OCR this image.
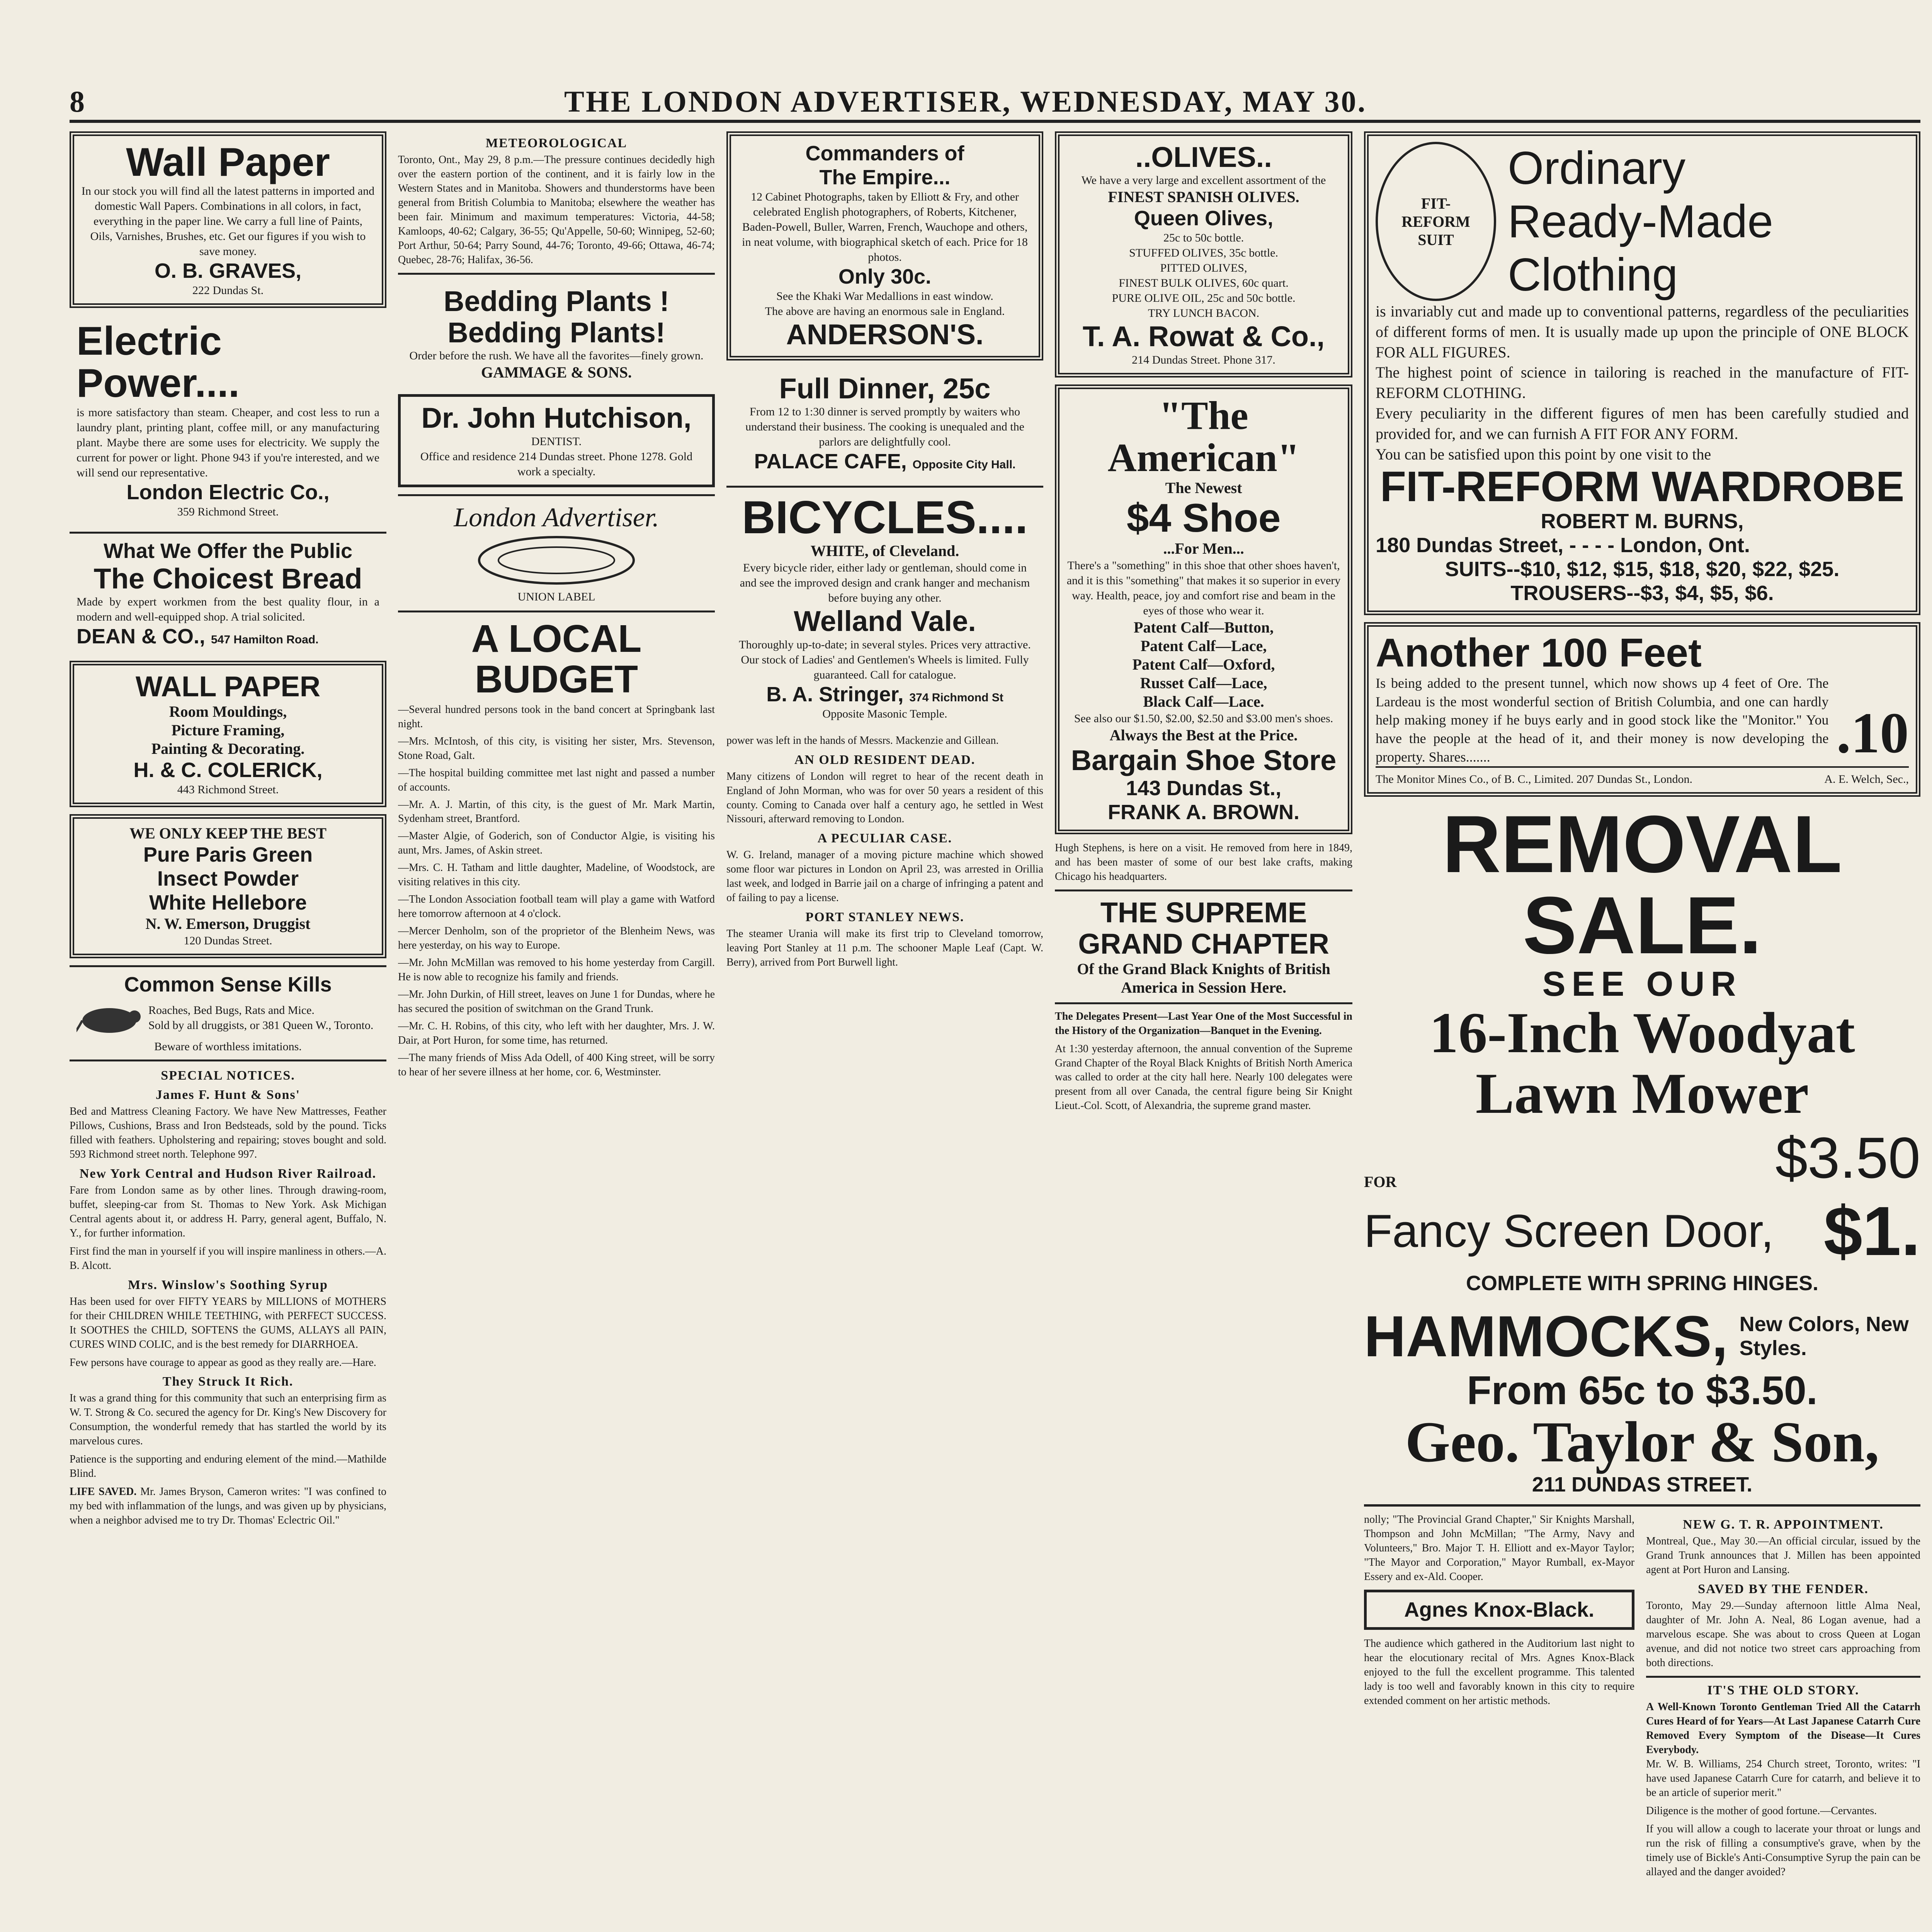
8	THE LONDON ADVERTISER, WEDNESDAY, MAY 30.
Wall Paper
In our stock you will find all the latest patterns in imported and domestic Wall Papers. Combinations in all colors, in fact, everything in the paper line. We carry a full line of Paints, Oils, Varnishes, Brushes, etc. Get our figures if you wish to save money.
O. B. GRAVES,
222 Dundas St.
Electric Power....
is more satisfactory than steam. Cheaper, and cost less to run a laundry plant, printing plant, coffee mill, or any manufacturing plant. Maybe there are some uses for electricity. We supply the current for power or light. Phone 943 if you're interested, and we will send our representative.
London Electric Co.,
359 Richmond Street.
What We Offer the Public
The Choicest Bread
Made by expert workmen from the best quality flour, in a modern and well-equipped shop. A trial solicited.
DEAN & CO., 547 Hamilton Road.
WALL PAPER
Room Mouldings,
Picture Framing,
Painting & Decorating.
H. & C. COLERICK,
443 Richmond Street.
WE ONLY KEEP THE BEST
Pure Paris Green
Insect Powder
White Hellebore
N. W. Emerson, Druggist
120 Dundas Street.
Common Sense Kills
Roaches, Bed Bugs, Rats and Mice.
Sold by all druggists, or 381 Queen W., Toronto.
Beware of worthless imitations.
SPECIAL NOTICES.
James F. Hunt & Sons'

Bed and Mattress Cleaning Factory. We have New Mattresses, Feather Pillows, Cushions, Brass and Iron Bedsteads, sold by the pound. Ticks filled with feathers. Upholstering and repairing; stoves bought and sold. 593 Richmond street north. Telephone 997.

New York Central and Hudson River Railroad.

Fare from London same as by other lines. Through drawing-room, buffet, sleeping-car from St. Thomas to New York. Ask Michigan Central agents about it, or address H. Parry, general agent, Buffalo, N. Y., for further information.

First find the man in yourself if you will inspire manliness in others.—A. B. Alcott.

Mrs. Winslow's Soothing Syrup

Has been used for over FIFTY YEARS by MILLIONS of MOTHERS for their CHILDREN WHILE TEETHING, with PERFECT SUCCESS. It SOOTHES the CHILD, SOFTENS the GUMS, ALLAYS all PAIN, CURES WIND COLIC, and is the best remedy for DIARRHOEA.

Few persons have courage to appear as good as they really are.—Hare.

They Struck It Rich.

It was a grand thing for this community that such an enterprising firm as W. T. Strong & Co. secured the agency for Dr. King's New Discovery for Consumption, the wonderful remedy that has startled the world by its marvelous cures.

Patience is the supporting and enduring element of the mind.—Mathilde Blind.

LIFE SAVED. Mr. James Bryson, Cameron writes: "I was confined to my bed with inflammation of the lungs, and was given up by physicians, when a neighbor advised me to try Dr. Thomas' Eclectric Oil."

METEOROLOGICAL

Toronto, Ont., May 29, 8 p.m.—The pressure continues decidedly high over the eastern portion of the continent, and it is fairly low in the Western States and in Manitoba. Showers and thunderstorms have been general from British Columbia to Manitoba; elsewhere the weather has been fair. Minimum and maximum temperatures: Victoria, 44-58; Kamloops, 40-62; Calgary, 36-55; Qu'Appelle, 50-60; Winnipeg, 52-60; Port Arthur, 50-64; Parry Sound, 44-76; Toronto, 49-66; Ottawa, 46-74; Quebec, 28-76; Halifax, 36-56.

Bedding Plants !
Bedding Plants!
Order before the rush. We have all the favorites—finely grown.
GAMMAGE & SONS.
Dr. John Hutchison,
DENTIST.
Office and residence 214 Dundas street. Phone 1278. Gold work a specialty.
London Advertiser.
UNION LABEL
A LOCAL BUDGET

—Several hundred persons took in the band concert at Springbank last night.

—Mrs. McIntosh, of this city, is visiting her sister, Mrs. Stevenson, Stone Road, Galt.

—The hospital building committee met last night and passed a number of accounts.

—Mr. A. J. Martin, of this city, is the guest of Mr. Mark Martin, Sydenham street, Brantford.

—Master Algie, of Goderich, son of Conductor Algie, is visiting his aunt, Mrs. James, of Askin street.

—Mrs. C. H. Tatham and little daughter, Madeline, of Woodstock, are visiting relatives in this city.

—The London Association football team will play a game with Watford here tomorrow afternoon at 4 o'clock.

—Mercer Denholm, son of the proprietor of the Blenheim News, was here yesterday, on his way to Europe.

—Mr. John McMillan was removed to his home yesterday from Cargill. He is now able to recognize his family and friends.

—Mr. John Durkin, of Hill street, leaves on June 1 for Dundas, where he has secured the position of switchman on the Grand Trunk.

—Mr. C. H. Robins, of this city, who left with her daughter, Mrs. J. W. Dair, at Port Huron, for some time, has returned.

—The many friends of Miss Ada Odell, of 400 King street, will be sorry to hear of her severe illness at her home, cor. 6, Westminster.

Commanders of
The Empire...
12 Cabinet Photographs, taken by Elliott & Fry, and other celebrated English photographers, of Roberts, Kitchener, Baden-Powell, Buller, Warren, French, Wauchope and others, in neat volume, with biographical sketch of each. Price for 18 photos.
Only 30c.
See the Khaki War Medallions in east window.
The above are having an enormous sale in England.
ANDERSON'S.
Full Dinner, 25c
From 12 to 1:30 dinner is served promptly by waiters who understand their business. The cooking is unequaled and the parlors are delightfully cool.
PALACE CAFE, Opposite City Hall.
BICYCLES....
WHITE, of Cleveland.
Every bicycle rider, either lady or gentleman, should come in and see the improved design and crank hanger and mechanism before buying any other.
Welland Vale.
Thoroughly up-to-date; in several styles. Prices very attractive. Our stock of Ladies' and Gentlemen's Wheels is limited. Fully guaranteed. Call for catalogue.
B. A. Stringer, 374 Richmond St
Opposite Masonic Temple.

power was left in the hands of Messrs. Mackenzie and Gillean.

AN OLD RESIDENT DEAD.

Many citizens of London will regret to hear of the recent death in England of John Morman, who was for over 50 years a resident of this county. Coming to Canada over half a century ago, he settled in West Nissouri, afterward removing to London.

A PECULIAR CASE.

W. G. Ireland, manager of a moving picture machine which showed some floor war pictures in London on April 23, was arrested in Orillia last week, and lodged in Barrie jail on a charge of infringing a patent and of failing to pay a license.

PORT STANLEY NEWS.

The steamer Urania will make its first trip to Cleveland tomorrow, leaving Port Stanley at 11 p.m. The schooner Maple Leaf (Capt. W. Berry), arrived from Port Burwell light.

..OLIVES..
We have a very large and excellent assortment of the
FINEST SPANISH OLIVES.
Queen Olives,
25c to 50c bottle.
STUFFED OLIVES, 35c bottle.
PITTED OLIVES,
FINEST BULK OLIVES, 60c quart.
PURE OLIVE OIL, 25c and 50c bottle.
TRY LUNCH BACON.
T. A. Rowat & Co.,
214 Dundas Street. Phone 317.
"The
American"
The Newest
$4 Shoe
...For Men...
There's a "something" in this shoe that other shoes haven't, and it is this "something" that makes it so superior in every way. Health, peace, joy and comfort rise and beam in the eyes of those who wear it.
Patent Calf—Button,
Patent Calf—Lace,
Patent Calf—Oxford,
Russet Calf—Lace,
Black Calf—Lace.
See also our $1.50, $2.00, $2.50 and $3.00 men's shoes.
Always the Best at the Price.
Bargain Shoe Store
143 Dundas St.,
FRANK A. BROWN.

Hugh Stephens, is here on a visit. He removed from here in 1849, and has been master of some of our best lake crafts, making Chicago his headquarters.

THE SUPREME
GRAND CHAPTER
Of the Grand Black Knights of British America in Session Here.

The Delegates Present—Last Year One of the Most Successful in the History of the Organization—Banquet in the Evening.

At 1:30 yesterday afternoon, the annual convention of the Supreme Grand Chapter of the Royal Black Knights of British North America was called to order at the city hall here. Nearly 100 delegates were present from all over Canada, the central figure being Sir Knight Lieut.-Col. Scott, of Alexandria, the supreme grand master.

FIT-
REFORM
SUIT
Ordinary
Ready-Made
Clothing

is invariably cut and made up to conventional patterns, regardless of the peculiarities of different forms of men. It is usually made up upon the principle of ONE BLOCK FOR ALL FIGURES.

The highest point of science in tailoring is reached in the manufacture of FIT-REFORM CLOTHING.

Every peculiarity in the different figures of men has been carefully studied and provided for, and we can furnish A FIT FOR ANY FORM.

You can be satisfied upon this point by one visit to the

FIT-REFORM WARDROBE
ROBERT M. BURNS,
180 Dundas Street, - - - - London, Ont.
SUITS--$10, $12, $15, $18, $20, $22, $25.
TROUSERS--$3, $4, $5, $6.
Another 100 Feet

Is being added to the present tunnel, which now shows up 4 feet of Ore. The Lardeau is the most wonderful section of British Columbia, and one can hardly help making money if he buys early and in good stock like the "Monitor." You have the people at the head of it, and their money is now developing the property. Shares.......	.10
The Monitor Mines Co., of B. C., Limited. 207 Dundas St., London.	A. E. Welch, Sec.,
REMOVAL SALE.
SEE OUR
16-Inch Woodyat
Lawn Mower
FOR	$3.50
Fancy Screen Door, $1.
COMPLETE WITH SPRING HINGES.
HAMMOCKS, New Colors, New Styles.
From 65c to $3.50.
Geo. Taylor & Son,
211 DUNDAS STREET.

nolly; "The Provincial Grand Chapter," Sir Knights Marshall, Thompson and John McMillan; "The Army, Navy and Volunteers," Bro. Major T. H. Elliott and ex-Mayor Taylor; "The Mayor and Corporation," Mayor Rumball, ex-Mayor Essery and ex-Ald. Cooper.

Agnes Knox-Black.

The audience which gathered in the Auditorium last night to hear the elocutionary recital of Mrs. Agnes Knox-Black enjoyed to the full the excellent programme. This talented lady is too well and favorably known in this city to require extended comment on her artistic methods.

NEW G. T. R. APPOINTMENT.

Montreal, Que., May 30.—An official circular, issued by the Grand Trunk announces that J. Millen has been appointed agent at Port Huron and Lansing.

SAVED BY THE FENDER.

Toronto, May 29.—Sunday afternoon little Alma Neal, daughter of Mr. John A. Neal, 86 Logan avenue, had a marvelous escape. She was about to cross Queen at Logan avenue, and did not notice two street cars approaching from both directions.

IT'S THE OLD STORY.

A Well-Known Toronto Gentleman Tried All the Catarrh Cures Heard of for Years—At Last Japanese Catarrh Cure Removed Every Symptom of the Disease—It Cures Everybody.

Mr. W. B. Williams, 254 Church street, Toronto, writes: "I have used Japanese Catarrh Cure for catarrh, and believe it to be an article of superior merit."

Diligence is the mother of good fortune.—Cervantes.

If you will allow a cough to lacerate your throat or lungs and run the risk of filling a consumptive's grave, when by the timely use of Bickle's Anti-Consumptive Syrup the pain can be allayed and the danger avoided?
